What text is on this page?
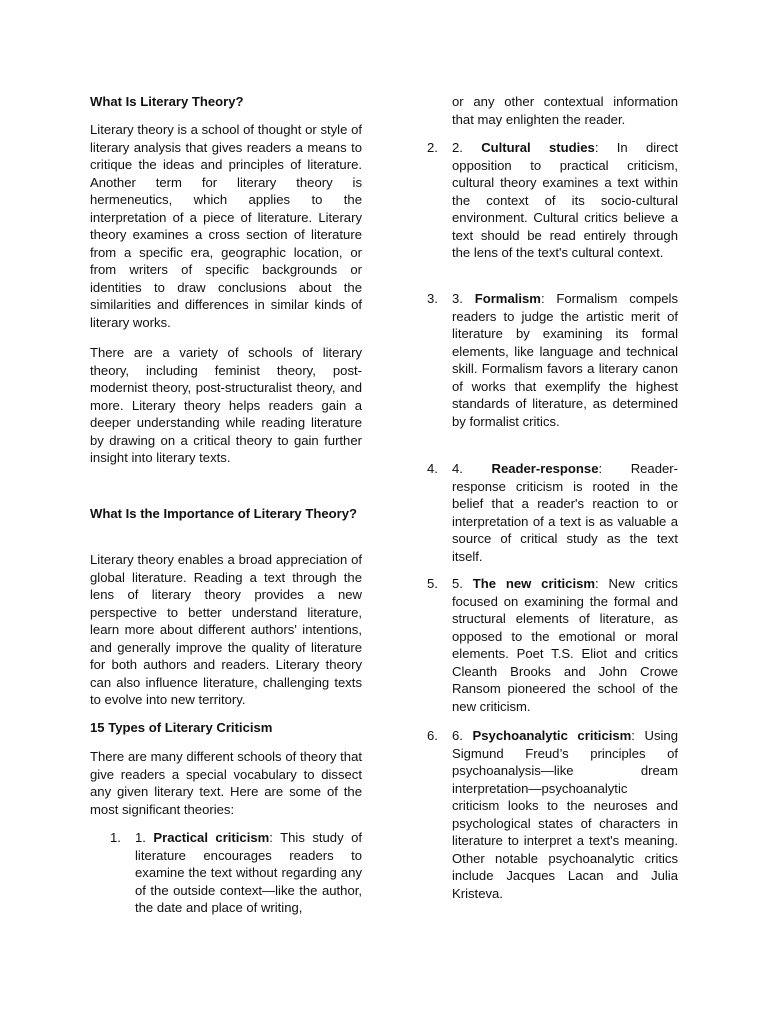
What Is Literary Theory?

Literary theory is a school of thought or style of literary analysis that gives readers a means to critique the ideas and principles of literature. Another term for literary theory is hermeneutics, which applies to the interpretation of a piece of literature. Literary theory examines a cross section of literature from a specific era, geographic location, or from writers of specific backgrounds or identities to draw conclusions about the similarities and differences in similar kinds of literary works.

There are a variety of schools of literary theory, including feminist theory, post-modernist theory, post-structuralist theory, and more. Literary theory helps readers gain a deeper understanding while reading literature by drawing on a critical theory to gain further insight into literary texts.

What Is the Importance of Literary Theory?

Literary theory enables a broad appreciation of global literature. Reading a text through the lens of literary theory provides a new perspective to better understand literature, learn more about different authors' intentions, and generally improve the quality of literature for both authors and readers. Literary theory can also influence literature, challenging texts to evolve into new territory.

15 Types of Literary Criticism

There are many different schools of theory that give readers a special vocabulary to dissect any given literary text. Here are some of the most significant theories:

1.	1. Practical criticism: This study of literature encourages readers to examine the text without regarding any of the outside context—like the author, the date and place of writing,
or any other contextual information that may enlighten the reader.
2.	2. Cultural studies: In direct opposition to practical criticism, cultural theory examines a text within the context of its socio-cultural environment. Cultural critics believe a text should be read entirely through the lens of the text's cultural context.
3.	3. Formalism: Formalism compels readers to judge the artistic merit of literature by examining its formal elements, like language and technical skill. Formalism favors a literary canon of works that exemplify the highest standards of literature, as determined by formalist critics.
4.	4. Reader-response: Reader-response criticism is rooted in the belief that a reader's reaction to or interpretation of a text is as valuable a source of critical study as the text itself.
5.	5. The new criticism: New critics focused on examining the formal and structural elements of literature, as opposed to the emotional or moral elements. Poet T.S. Eliot and critics Cleanth Brooks and John Crowe Ransom pioneered the school of the new criticism.
6.	6. Psychoanalytic criticism: Using Sigmund Freud’s principles of psychoanalysis—like dream interpretation—psychoanalytic criticism looks to the neuroses and psychological states of characters in literature to interpret a text's meaning. Other notable psychoanalytic critics include Jacques Lacan and Julia Kristeva.
